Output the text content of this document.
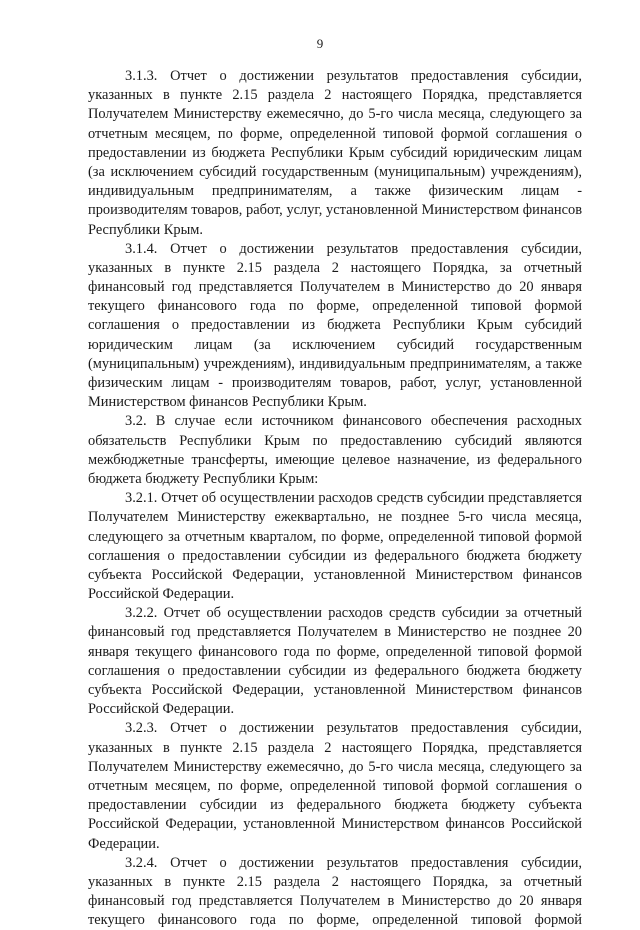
9

3.1.3. Отчет о достижении результатов предоставления субсидии, указанных в пункте 2.15 раздела 2 настоящего Порядка, представляется Получателем Министерству ежемесячно, до 5-го числа месяца, следующего за отчетным месяцем, по форме, определенной типовой формой соглашения о предоставлении из бюджета Республики Крым субсидий юридическим лицам (за исключением субсидий государственным (муниципальным) учреждениям), индивидуальным предпринимателям, а также физическим лицам - производителям товаров, работ, услуг, установленной Министерством финансов Республики Крым.

3.1.4. Отчет о достижении результатов предоставления субсидии, указанных в пункте 2.15 раздела 2 настоящего Порядка, за отчетный финансовый год представляется Получателем в Министерство до 20 января текущего финансового года по форме, определенной типовой формой соглашения о предоставлении из бюджета Республики Крым субсидий юридическим лицам (за исключением субсидий государственным (муниципальным) учреждениям), индивидуальным предпринимателям, а также физическим лицам - производителям товаров, работ, услуг, установленной Министерством финансов Республики Крым.

3.2. В случае если источником финансового обеспечения расходных обязательств Республики Крым по предоставлению субсидий являются межбюджетные трансферты, имеющие целевое назначение, из федерального бюджета бюджету Республики Крым:

3.2.1. Отчет об осуществлении расходов средств субсидии представляется Получателем Министерству ежеквартально, не позднее 5-го числа месяца, следующего за отчетным кварталом, по форме, определенной типовой формой соглашения о предоставлении субсидии из федерального бюджета бюджету субъекта Российской Федерации, установленной Министерством финансов Российской Федерации.

3.2.2. Отчет об осуществлении расходов средств субсидии за отчетный финансовый год представляется Получателем в Министерство не позднее 20 января текущего финансового года по форме, определенной типовой формой соглашения о предоставлении субсидии из федерального бюджета бюджету субъекта Российской Федерации, установленной Министерством финансов Российской Федерации.

3.2.3. Отчет о достижении результатов предоставления субсидии, указанных в пункте 2.15 раздела 2 настоящего Порядка, представляется Получателем Министерству ежемесячно, до 5-го числа месяца, следующего за отчетным месяцем, по форме, определенной типовой формой соглашения о предоставлении субсидии из федерального бюджета бюджету субъекта Российской Федерации, установленной Министерством финансов Российской Федерации.

3.2.4. Отчет о достижении результатов предоставления субсидии, указанных в пункте 2.15 раздела 2 настоящего Порядка, за отчетный финансовый год представляется Получателем в Министерство до 20 января текущего финансового года по форме, определенной типовой формой
